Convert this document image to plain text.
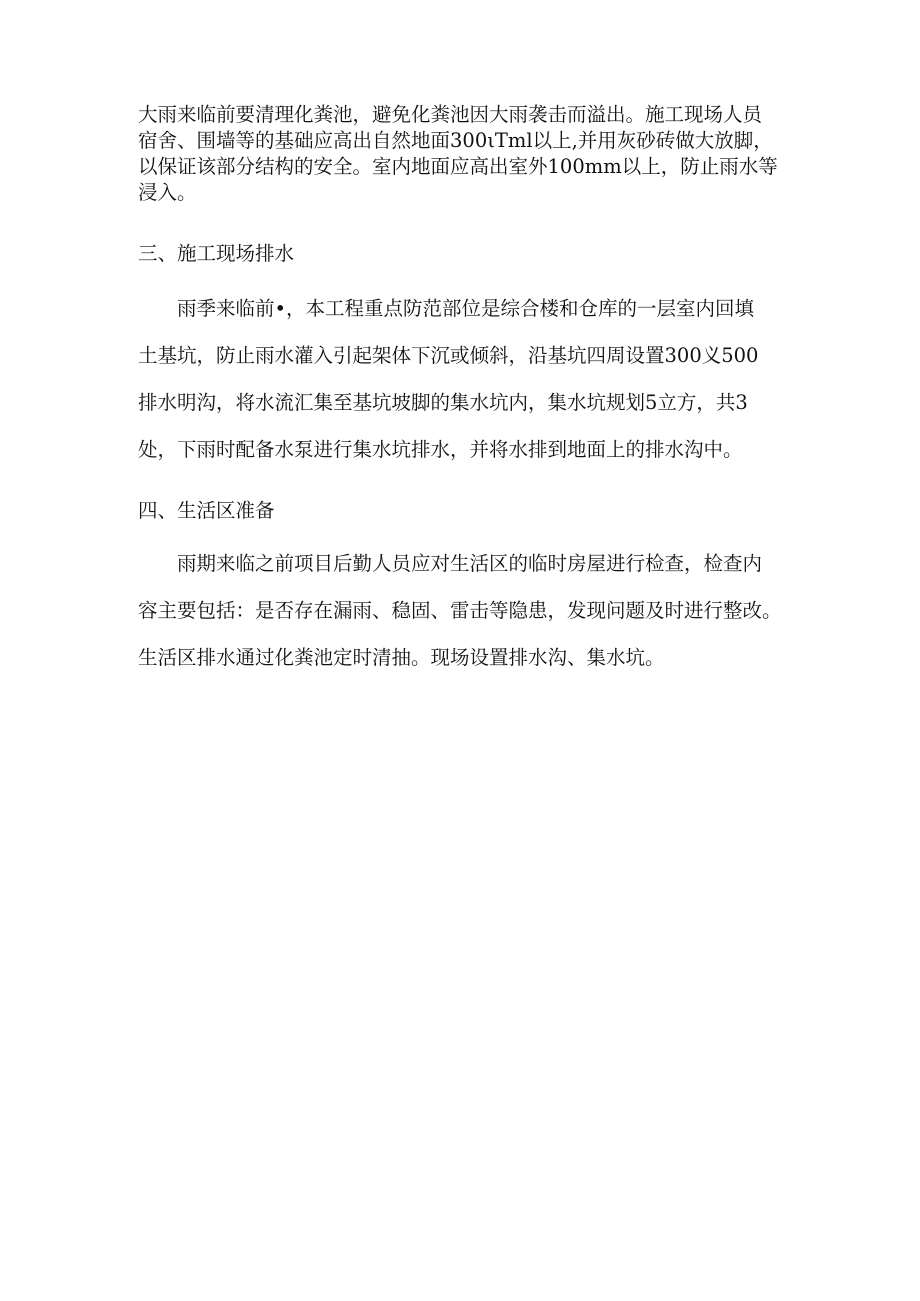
大雨来临前要清理化粪池，避免化粪池因大雨袭击而溢出。施工现场人员
宿舍、围墙等的基础应高出自然地面300ιTml以上,并用灰砂砖做大放脚，
以保证该部分结构的安全。室内地面应高出室外100mm以上，防止雨水等
浸入。
三、施工现场排水
　　雨季来临前•，本工程重点防范部位是综合楼和仓库的一层室内回填
土基坑，防止雨水灌入引起架体下沉或倾斜，沿基坑四周设置300义500
排水明沟，将水流汇集至基坑坡脚的集水坑内，集水坑规划5立方，共3
处，下雨时配备水泵进行集水坑排水，并将水排到地面上的排水沟中。
四、生活区准备
　　雨期来临之前项目后勤人员应对生活区的临时房屋进行检查，检查内
容主要包括：是否存在漏雨、稳固、雷击等隐患，发现问题及时进行整改。
生活区排水通过化粪池定时清抽。现场设置排水沟、集水坑。
